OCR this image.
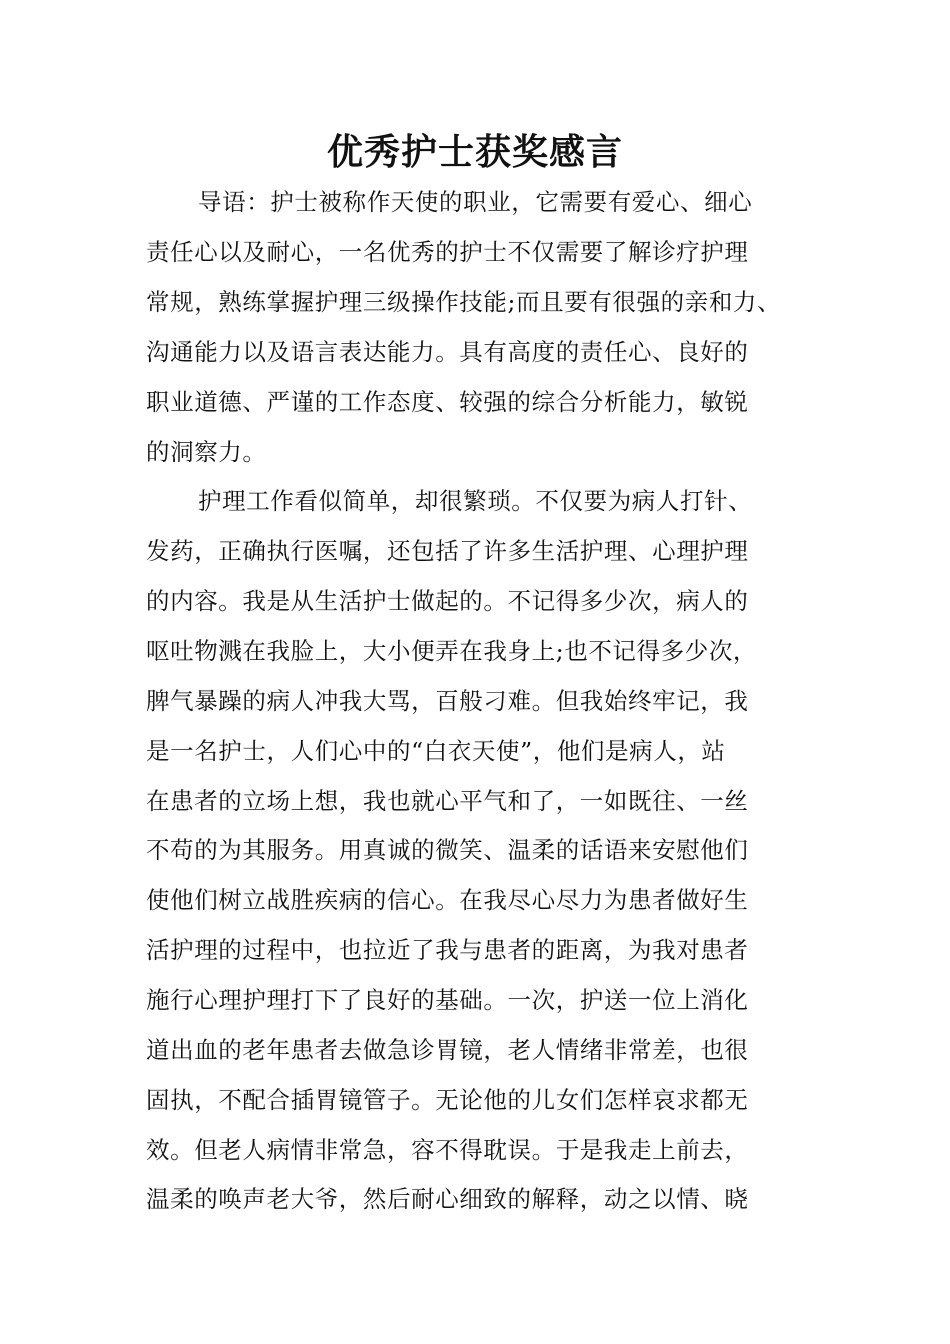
优秀护士获奖感言
导语：护士被称作天使的职业，它需要有爱心、细心
责任心以及耐心，一名优秀的护士不仅需要了解诊疗护理
常规，熟练掌握护理三级操作技能;而且要有很强的亲和力、
沟通能力以及语言表达能力。具有高度的责任心、良好的
职业道德、严谨的工作态度、较强的综合分析能力，敏锐
的洞察力。
护理工作看似简单，却很繁琐。不仅要为病人打针、
发药，正确执行医嘱，还包括了许多生活护理、心理护理
的内容。我是从生活护士做起的。不记得多少次，病人的
呕吐物溅在我脸上，大小便弄在我身上;也不记得多少次，
脾气暴躁的病人冲我大骂，百般刁难。但我始终牢记，我
是一名护士，人们心中的“白衣天使”，他们是病人，站
在患者的立场上想，我也就心平气和了，一如既往、一丝
不苟的为其服务。用真诚的微笑、温柔的话语来安慰他们
使他们树立战胜疾病的信心。在我尽心尽力为患者做好生
活护理的过程中，也拉近了我与患者的距离，为我对患者
施行心理护理打下了良好的基础。一次，护送一位上消化
道出血的老年患者去做急诊胃镜，老人情绪非常差，也很
固执，不配合插胃镜管子。无论他的儿女们怎样哀求都无
效。但老人病情非常急，容不得耽误。于是我走上前去，
温柔的唤声老大爷，然后耐心细致的解释，动之以情、晓
